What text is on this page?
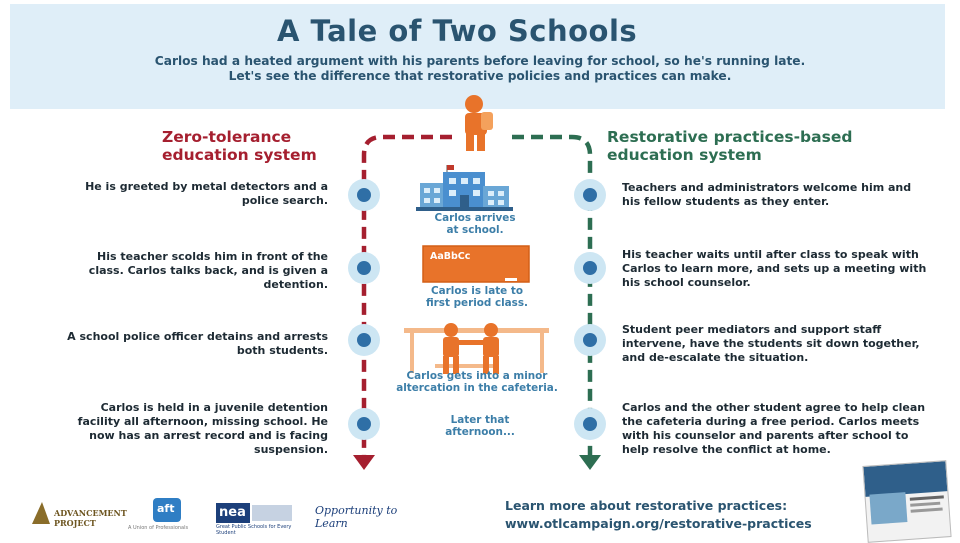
A Tale of Two Schools
Carlos had a heated argument with his parents before leaving for school, so he's running late.
Let's see the difference that restorative policies and practices can make.
Zero-tolerance
education system
Restorative practices-based
education system
He is greeted by metal detectors and a police search.
His teacher scolds him in front of the class. Carlos talks back, and is given a detention.
A school police officer detains and arrests both students.
Carlos is held in a juvenile detention facility all afternoon, missing school. He now has an arrest record and is facing suspension.
Teachers and administrators welcome him and his fellow students as they enter.
His teacher waits until after class to speak with Carlos to learn more, and sets up a meeting with his school counselor.
Student peer mediators and support staff intervene, have the students sit down together, and de-escalate the situation.
Carlos and the other student agree to help clean the cafeteria during a free period. Carlos meets with his counselor and parents after school to help resolve the conflict at home.
Carlos arrives
at school.
AaBbCc
Carlos is late to
first period class.
Carlos gets into a minor
altercation in the cafeteria.
Later that
afternoon...
Learn more about restorative practices:
www.otlcampaign.org/restorative-practices
ADVANCEMENT PROJECT
aft
A Union of Professionals
nea
Great Public Schools for Every Student
Opportunity to Learn
